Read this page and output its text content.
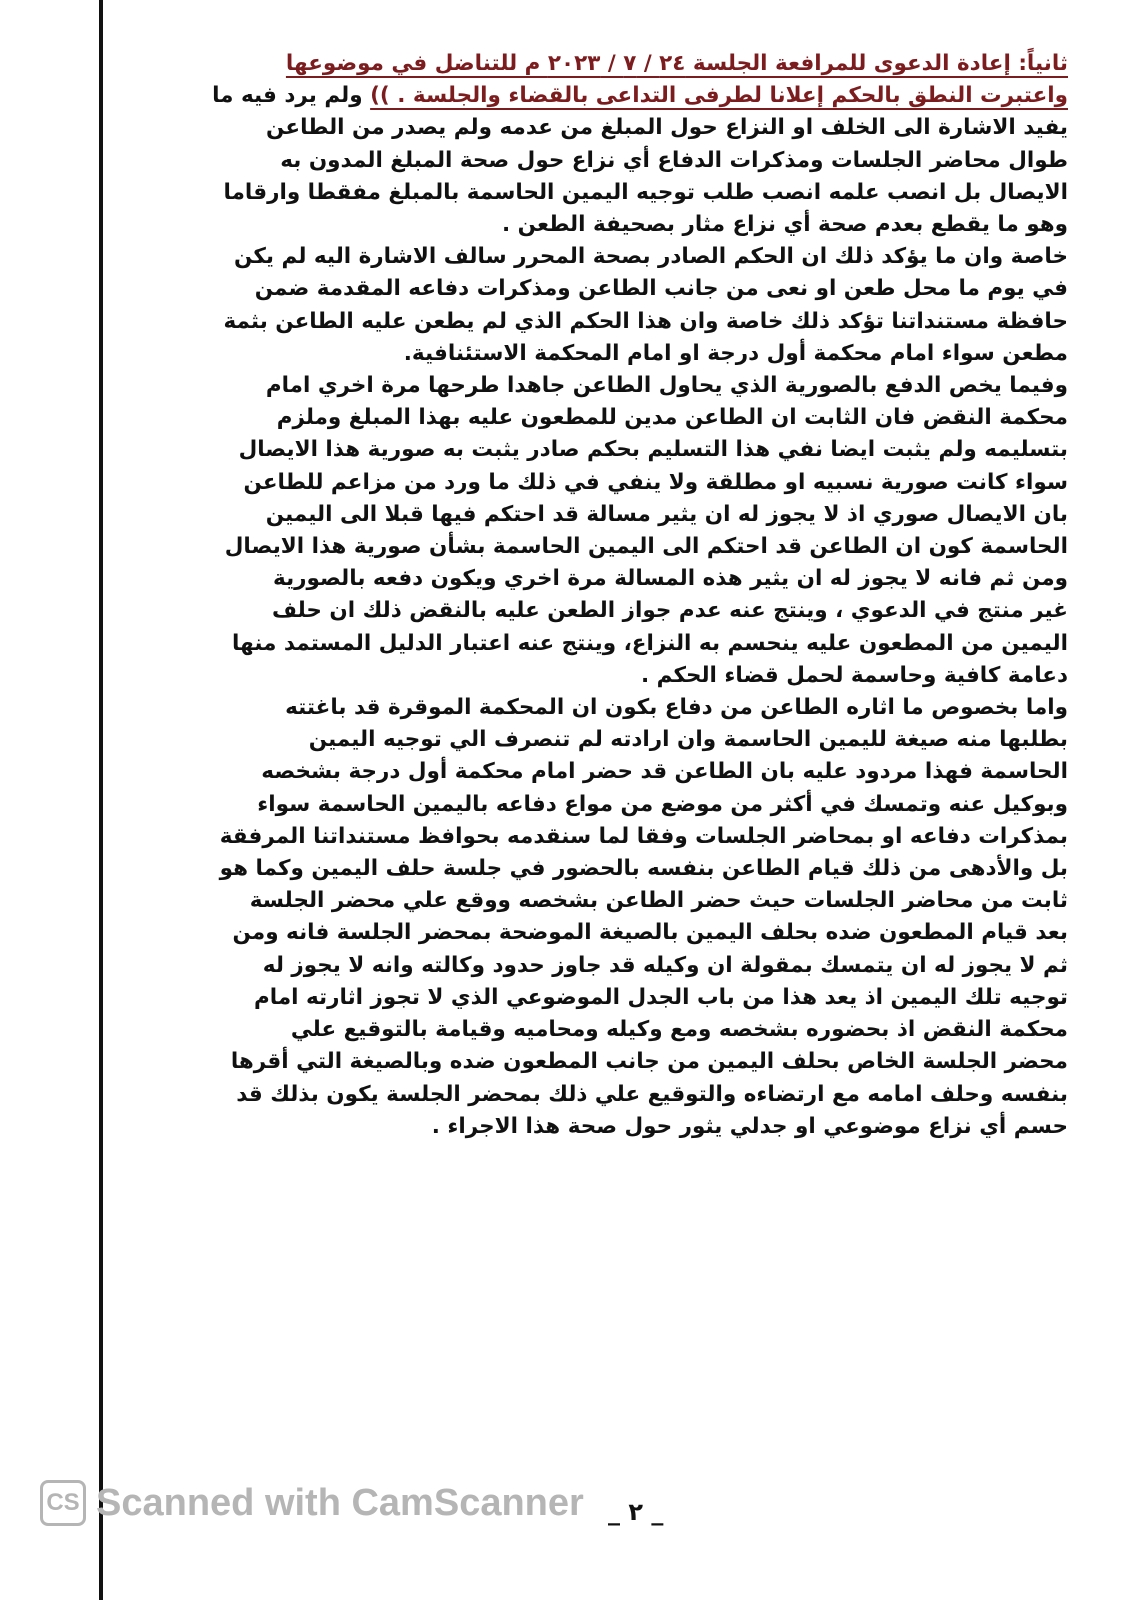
ثانياً: إعادة الدعوى للمرافعة الجلسة ٢٤ / ٧ / ٢٠٢٣ م للتناضل في موضوعها
واعتبرت النطق بالحكم إعلانا لطرفى التداعى بالقضاء والجلسة . )) ولم يرد فيه ما
يفيد الاشارة الى الخلف او النزاع حول المبلغ من عدمه ولم يصدر من الطاعن
طوال محاضر الجلسات ومذكرات الدفاع أي نزاع حول صحة المبلغ المدون به
الايصال بل انصب علمه انصب طلب توجيه اليمين الحاسمة بالمبلغ مفقطا وارقاما
وهو ما يقطع بعدم صحة أي نزاع مثار بصحيفة الطعن .
خاصة وان ما يؤكد ذلك ان الحكم الصادر بصحة المحرر سالف الاشارة اليه لم يكن
في يوم ما محل طعن او نعى من جانب الطاعن ومذكرات دفاعه المقدمة ضمن
حافظة مستنداتنا تؤكد ذلك خاصة وان هذا الحكم الذي لم يطعن عليه الطاعن بثمة
مطعن سواء امام محكمة أول درجة او امام المحكمة الاستئنافية.
وفيما يخص الدفع بالصورية الذي يحاول الطاعن جاهدا طرحها مرة اخري امام
محكمة النقض فان الثابت ان الطاعن مدين للمطعون عليه بهذا المبلغ وملزم
بتسليمه ولم يثبت ايضا نفي هذا التسليم بحكم صادر يثبت به صورية هذا الايصال
سواء كانت صورية نسبيه او مطلقة ولا ينفي في ذلك ما ورد من مزاعم للطاعن
بان الايصال صوري اذ لا يجوز له ان يثير مسالة قد احتكم فيها قبلا الى اليمين
الحاسمة كون ان الطاعن قد احتكم الى اليمين الحاسمة بشأن صورية هذا الايصال
ومن ثم فانه لا يجوز له ان يثير هذه المسالة مرة اخري ويكون دفعه بالصورية
غير منتج في الدعوي ، وينتج عنه عدم جواز الطعن عليه بالنقض ذلك ان حلف
اليمين من المطعون عليه ينحسم به النزاع، وينتج عنه اعتبار الدليل المستمد منها
دعامة كافية وحاسمة لحمل قضاء الحكم .
واما بخصوص ما اثاره الطاعن من دفاع بكون ان المحكمة الموقرة قد باغتته
بطلبها منه صيغة لليمين الحاسمة وان ارادته لم تنصرف الي توجيه اليمين
الحاسمة فهذا مردود عليه بان الطاعن قد حضر امام محكمة أول درجة بشخصه
وبوكيل عنه وتمسك في أكثر من موضع من مواع دفاعه باليمين الحاسمة سواء
بمذكرات دفاعه او بمحاضر الجلسات وفقا لما سنقدمه بحوافظ مستنداتنا المرفقة
بل والأدهى من ذلك قيام الطاعن بنفسه بالحضور في جلسة حلف اليمين وكما هو
ثابت من محاضر الجلسات حيث حضر الطاعن بشخصه ووقع علي محضر الجلسة
بعد قيام المطعون ضده بحلف اليمين بالصيغة الموضحة بمحضر الجلسة فانه ومن
ثم لا يجوز له ان يتمسك بمقولة ان وكيله قد جاوز حدود وكالته وانه لا يجوز له
توجيه تلك اليمين اذ يعد هذا من باب الجدل الموضوعي الذي لا تجوز اثارته امام
محكمة النقض اذ بحضوره بشخصه ومع وكيله ومحاميه وقيامة بالتوقيع علي
محضر الجلسة الخاص بحلف اليمين من جانب المطعون ضده وبالصيغة التي أقرها
بنفسه وحلف امامه مع ارتضاءه والتوقيع علي ذلك بمحضر الجلسة يكون بذلك قد
حسم أي نزاع موضوعي او جدلي يثور حول صحة هذا الاجراء .
CS Scanned with CamScanner _ ٢ _
